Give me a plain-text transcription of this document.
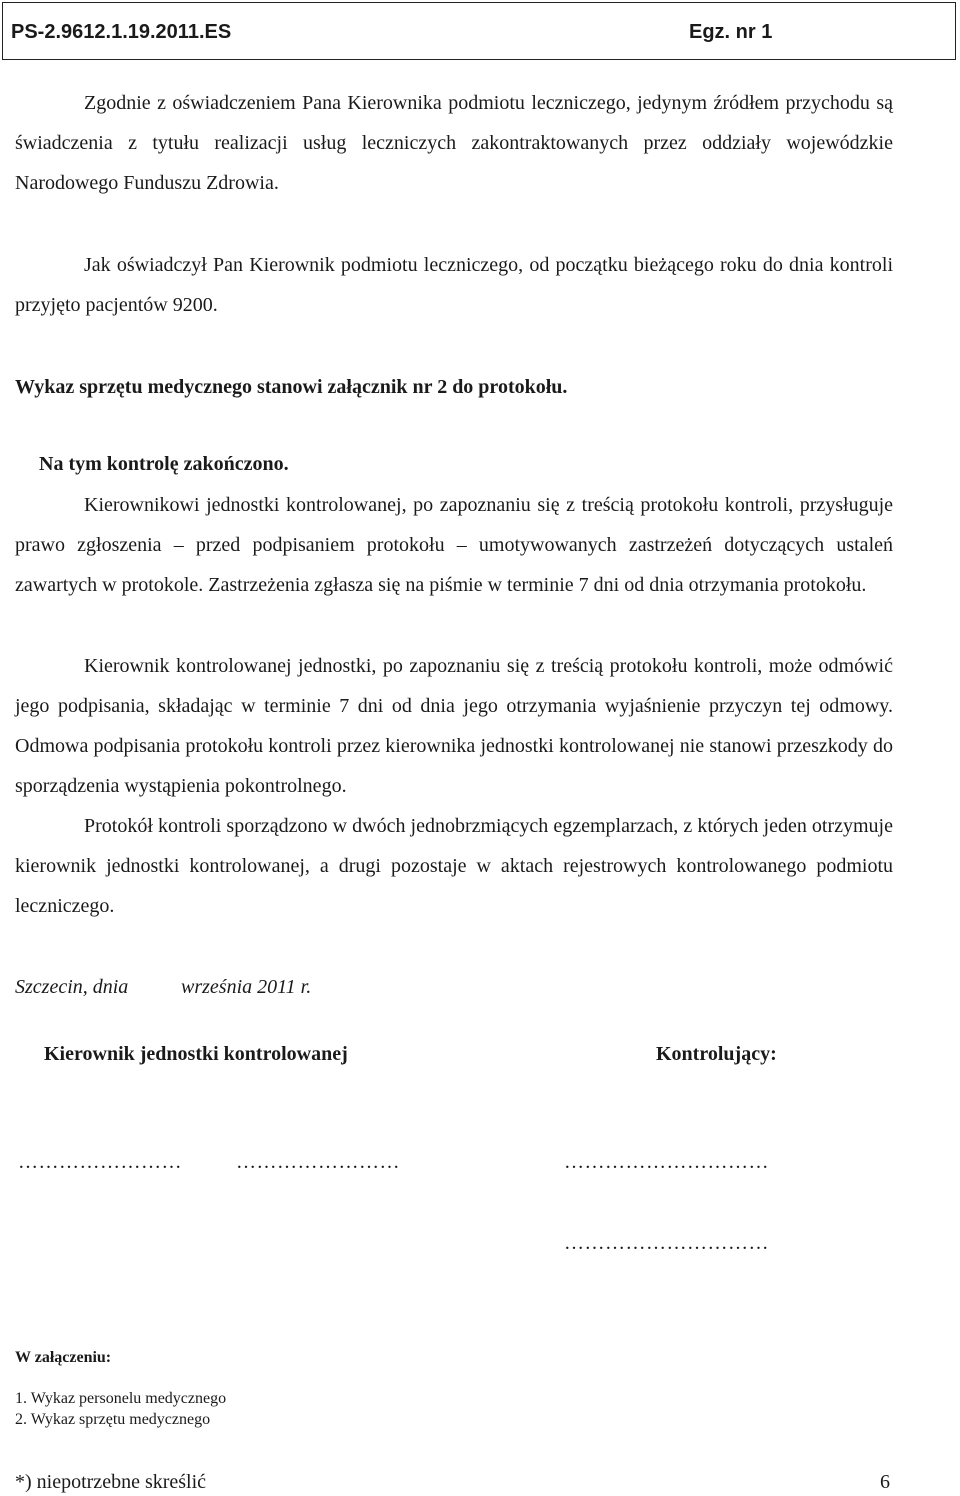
PS-2.9612.1.19.2011.ES	Egz. nr 1

Zgodnie z oświadczeniem Pana Kierownika podmiotu leczniczego, jedynym źródłem przychodu są świadczenia z tytułu realizacji usług leczniczych zakontraktowanych przez oddziały wojewódzkie Narodowego Funduszu Zdrowia.

Jak oświadczył Pan Kierownik podmiotu leczniczego, od początku bieżącego roku do dnia kontroli przyjęto pacjentów 9200.

Wykaz sprzętu medycznego stanowi załącznik nr 2 do protokołu.

Na tym kontrolę zakończono.

Kierownikowi jednostki kontrolowanej, po zapoznaniu się z treścią protokołu kontroli, przysługuje prawo zgłoszenia – przed podpisaniem protokołu – umotywowanych zastrzeżeń dotyczących ustaleń zawartych w protokole. Zastrzeżenia zgłasza się na piśmie w terminie 7 dni od dnia otrzymania protokołu.

Kierownik kontrolowanej jednostki, po zapoznaniu się z treścią protokołu kontroli, może odmówić jego podpisania, składając w terminie 7 dni od dnia jego otrzymania wyjaśnienie przyczyn tej odmowy. Odmowa podpisania protokołu kontroli przez kierownika jednostki kontrolowanej nie stanowi przeszkody do sporządzenia wystąpienia pokontrolnego.

Protokół kontroli sporządzono w dwóch jednobrzmiących egzemplarzach, z których jeden otrzymuje kierownik jednostki kontrolowanej, a drugi pozostaje w aktach rejestrowych kontrolowanego podmiotu leczniczego.

Szczecin, dnia	września 2011 r.
Kierownik jednostki kontrolowanej	Kontrolujący:
……………………	……………………	…………………………
…………………………
W załączeniu:
1. Wykaz personelu medycznego
2. Wykaz sprzętu medycznego
*) niepotrzebne skreślić	6
